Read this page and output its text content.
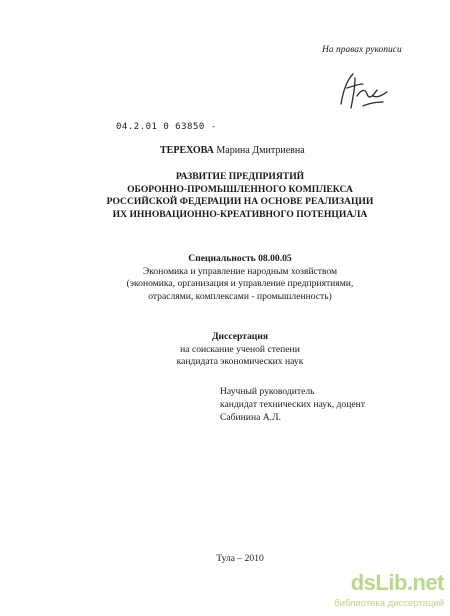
На правах рукописи
04.2.01 0 63850 -
ТЕРЕХОВА Марина Дмитриевна
РАЗВИТИЕ ПРЕДПРИЯТИЙ
ОБОРОННО-ПРОМЫШЛЕННОГО КОМПЛЕКСА
РОССИЙСКОЙ ФЕДЕРАЦИИ НА ОСНОВЕ РЕАЛИЗАЦИИ
ИХ ИННОВАЦИОННО-КРЕАТИВНОГО ПОТЕНЦИАЛА
Специальность 08.00.05
Экономика и управление народным хозяйством
(экономика, организация и управление предприятиями,
отраслями, комплексами - промышленность)
Диссертация
на соискание ученой степени
кандидата экономических наук
Научный руководитель
кандидат технических наук, доцент
Сабинина А.Л.
Тула – 2010
dsLib.net
библиотека диссертаций
